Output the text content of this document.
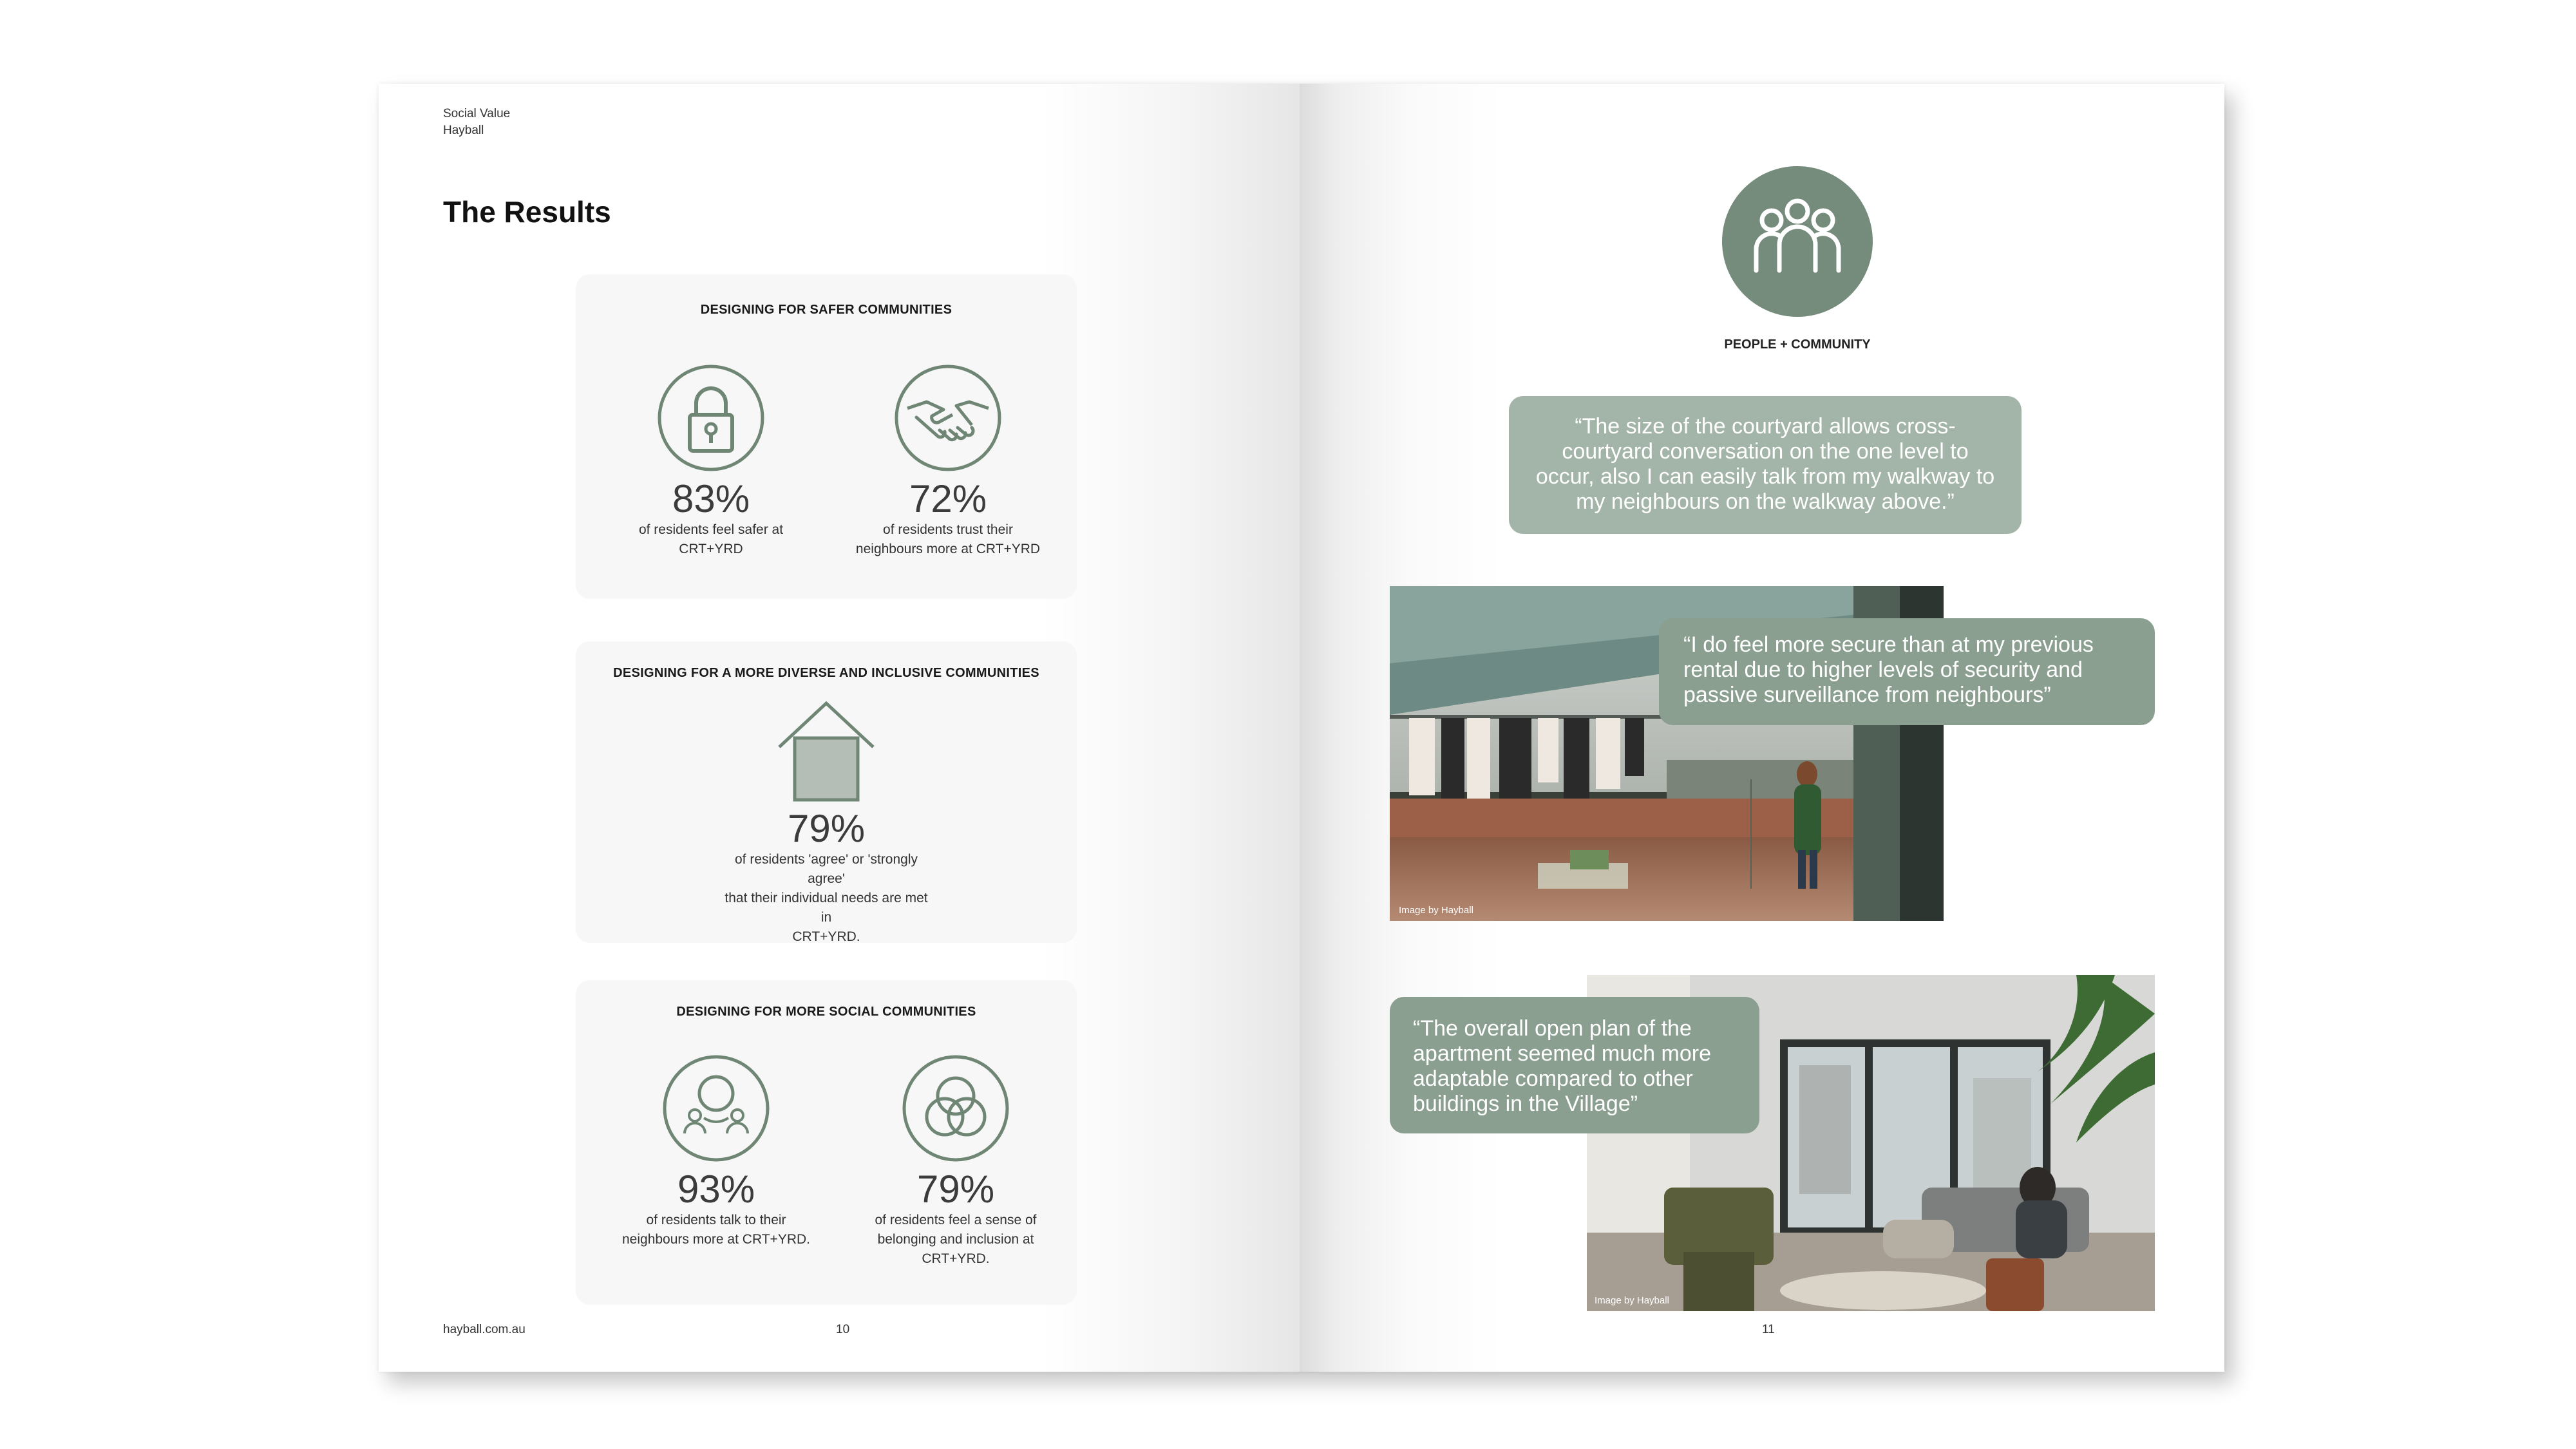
Social Value
Hayball
The Results
DESIGNING FOR SAFER COMMUNITIES
83%
of residents feel safer at
CRT+YRD
72%
of residents trust their
neighbours more at CRT+YRD
DESIGNING FOR A MORE DIVERSE AND INCLUSIVE COMMUNITIES
79%
of residents 'agree' or 'strongly agree'
that their individual needs are met in
CRT+YRD.
DESIGNING FOR MORE SOCIAL COMMUNITIES
93%
of residents talk to their
neighbours more at CRT+YRD.
79%
of residents feel a sense of
belonging and inclusion at
CRT+YRD.
hayball.com.au	10
PEOPLE + COMMUNITY
“The size of the courtyard allows cross-courtyard conversation on the one level to occur, also I can easily talk from my walkway to my neighbours on the walkway above.”
Image by Hayball
“I do feel more secure than at my previous rental due to higher levels of security and passive surveillance from neighbours”
Image by Hayball
“The overall open plan of the apartment seemed much more adaptable compared to other buildings in the Village”
11
